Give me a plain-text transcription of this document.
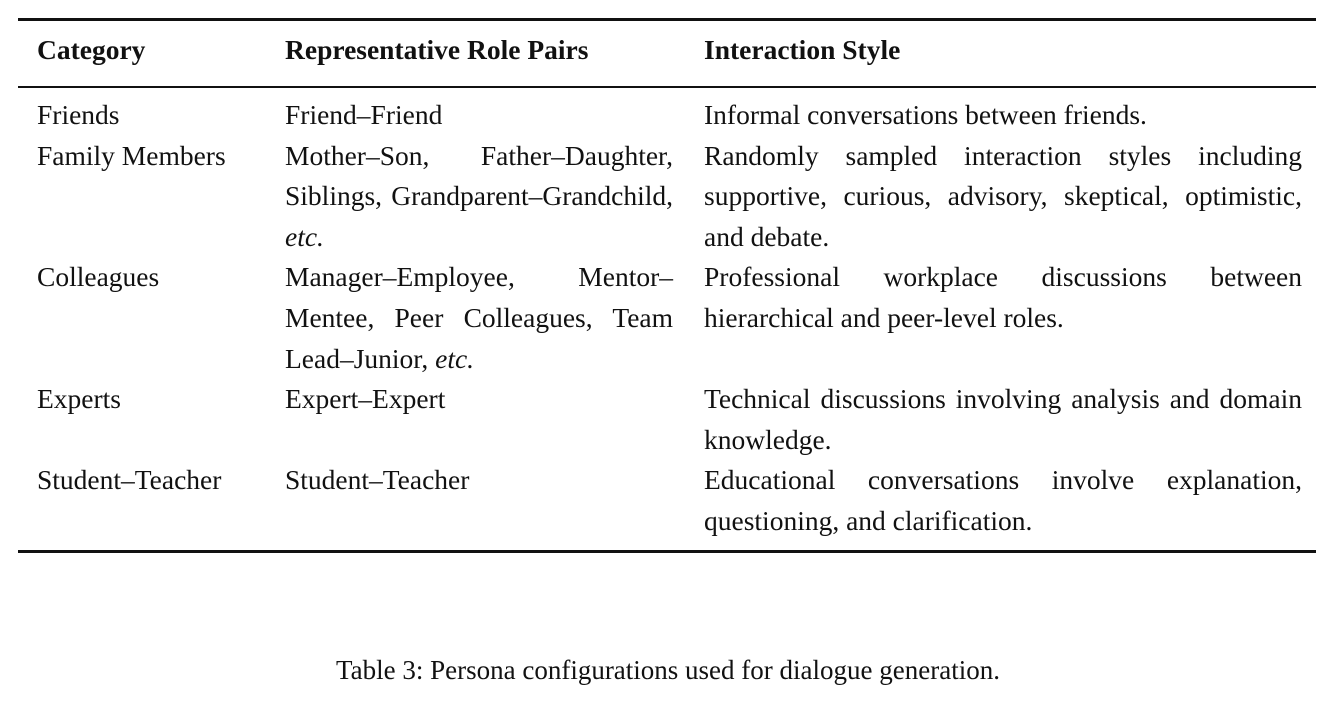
Category	Representative Role Pairs	Interaction Style
Friends	Friend–Friend	Informal conversations between friends.
Family Members	Mother–Son, Father–Daughter, Siblings, Grandparent–Grandchild, etc.	Randomly sampled interaction styles including supportive, curious, advisory, skeptical, optimistic, and debate.
Colleagues	Manager–Employee, Mentor–Mentee, Peer Colleagues, Team Lead–Junior, etc.	Professional workplace discussions between hierarchical and peer-level roles.
Experts	Expert–Expert	Technical discussions involving analysis and domain knowledge.
Student–Teacher	Student–Teacher	Educational conversations involve explanation, questioning, and clarification.
Table 3: Persona configurations used for dialogue generation.
